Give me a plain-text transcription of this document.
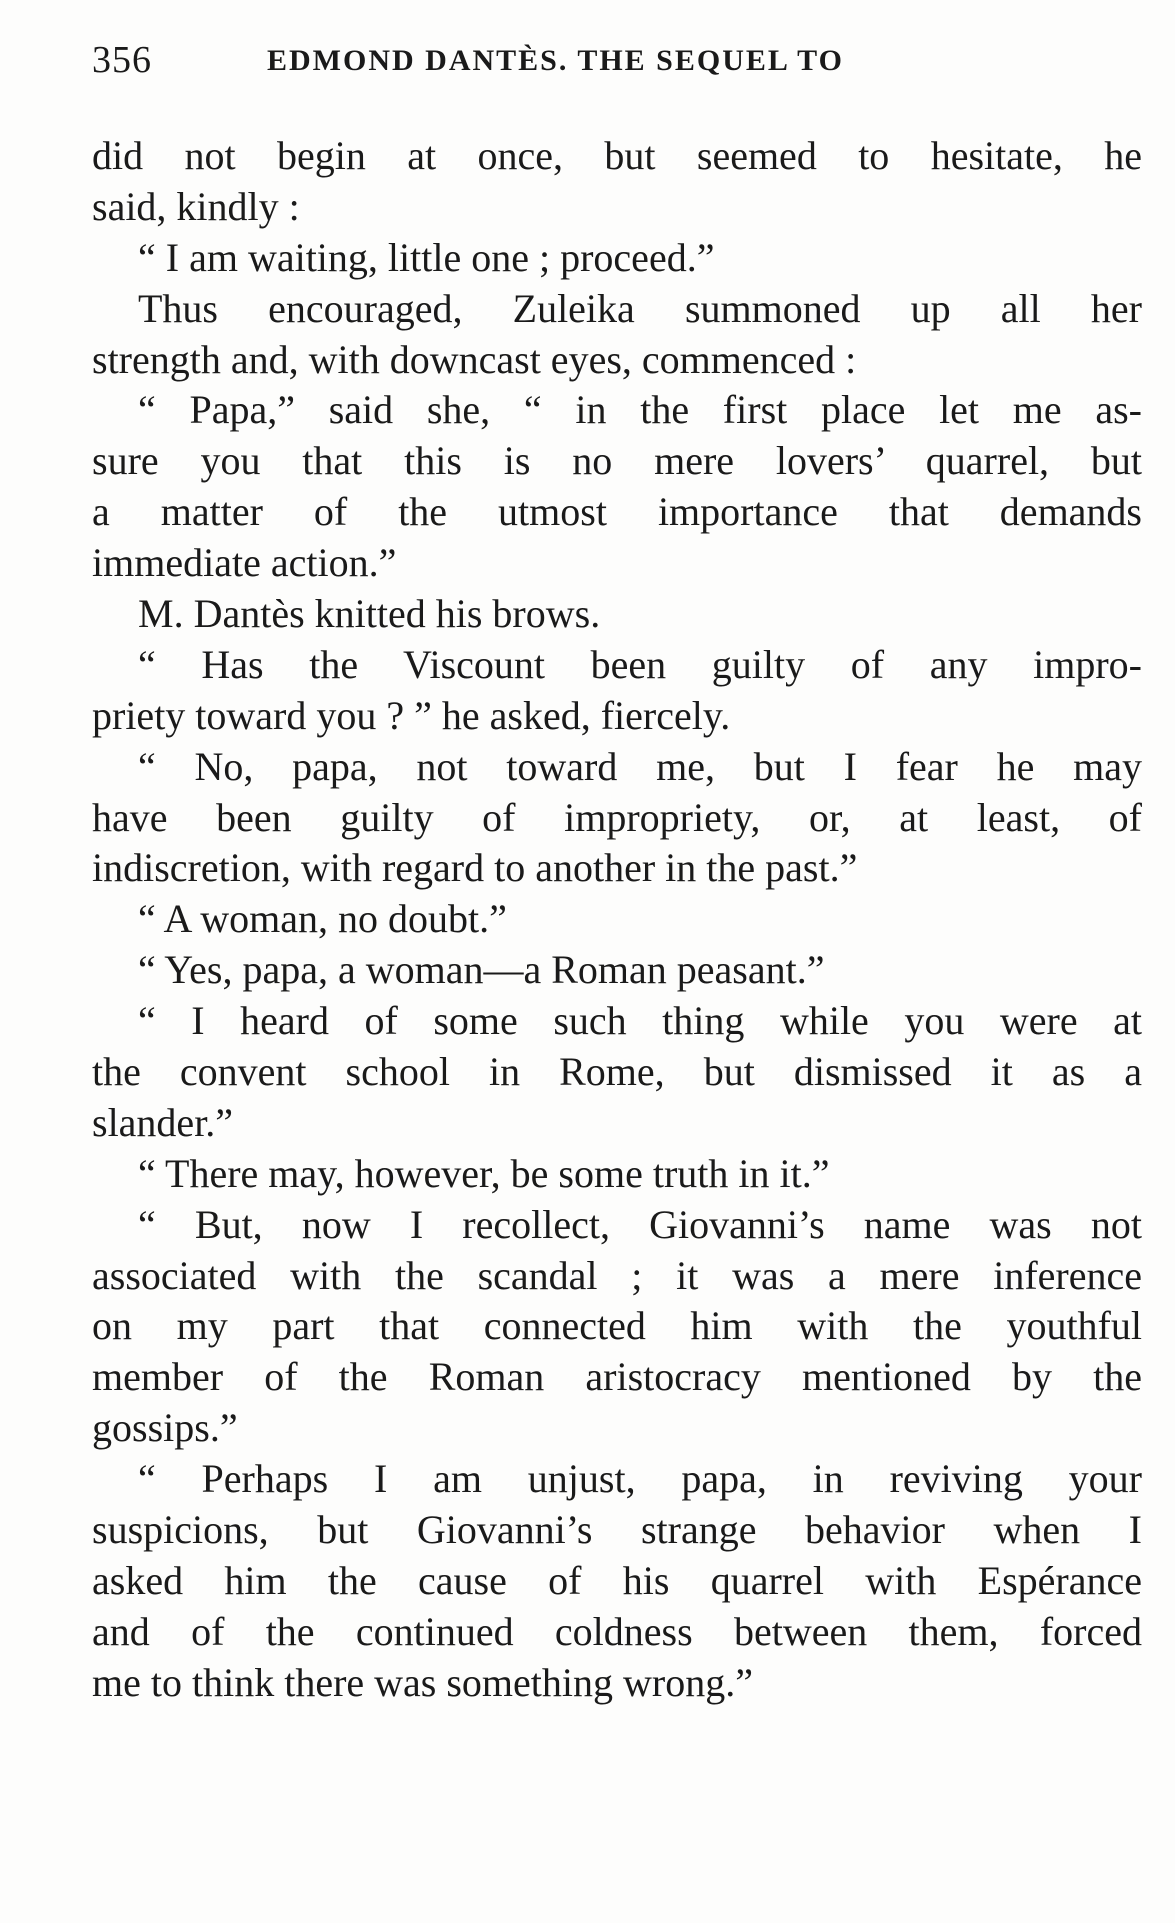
356	EDMOND DANTÈS. THE SEQUEL TO
did not begin at once, but seemed to hesitate, he
said, kindly :
“ I am waiting, little one ; proceed.”
Thus encouraged, Zuleika summoned up all her
strength and, with downcast eyes, commenced :
“ Papa,” said she, “ in the first place let me as-
sure you that this is no mere lovers’ quarrel, but
a matter of the utmost importance that demands
immediate action.”
M. Dantès knitted his brows.
“ Has the Viscount been guilty of any impro-
priety toward you ? ” he asked, fiercely.
“ No, papa, not toward me, but I fear he may
have been guilty of impropriety, or, at least, of
indiscretion, with regard to another in the past.”
“ A woman, no doubt.”
“ Yes, papa, a woman—a Roman peasant.”
“ I heard of some such thing while you were at
the convent school in Rome, but dismissed it as a
slander.”
“ There may, however, be some truth in it.”
“ But, now I recollect, Giovanni’s name was not
associated with the scandal ; it was a mere inference
on my part that connected him with the youthful
member of the Roman aristocracy mentioned by the
gossips.”
“ Perhaps I am unjust, papa, in reviving your
suspicions, but Giovanni’s strange behavior when I
asked him the cause of his quarrel with Espérance
and of the continued coldness between them, forced
me to think there was something wrong.”
